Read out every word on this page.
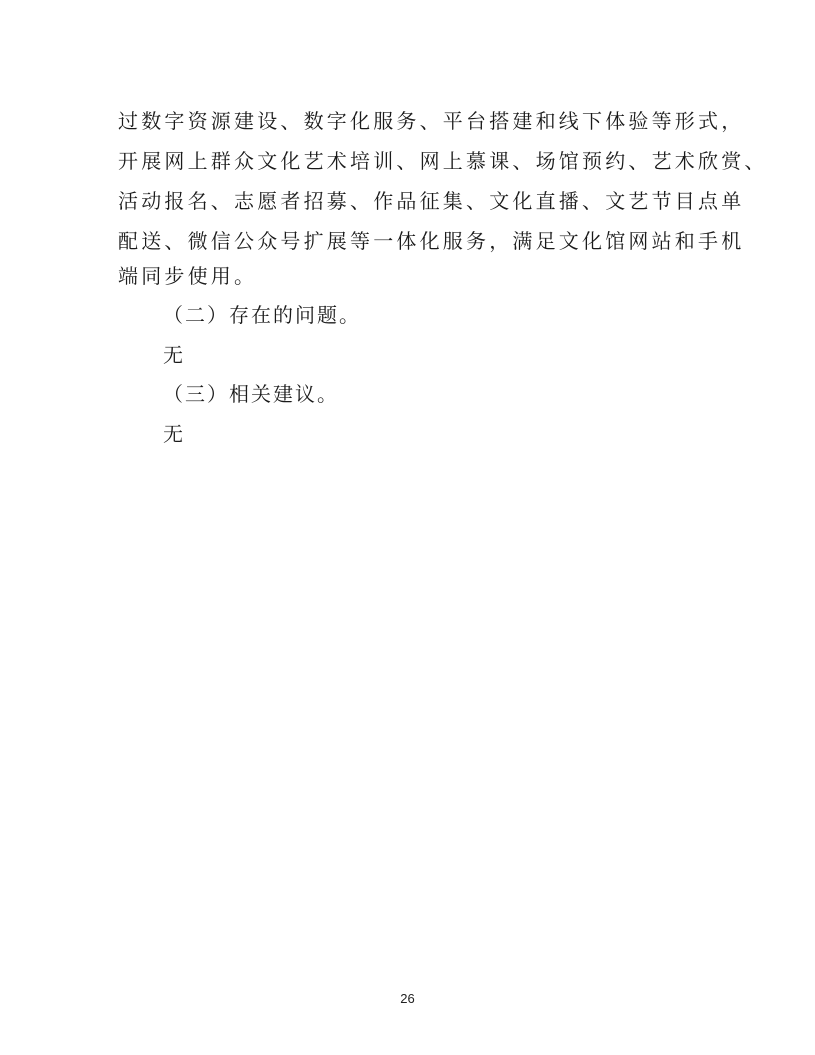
过数字资源建设、数字化服务、平台搭建和线下体验等形式，
开展网上群众文化艺术培训、网上慕课、场馆预约、艺术欣赏、
活动报名、志愿者招募、作品征集、文化直播、文艺节目点单
配送、微信公众号扩展等一体化服务，满足文化馆网站和手机
端同步使用。
（二）存在的问题。
无
（三）相关建议。
无
26
